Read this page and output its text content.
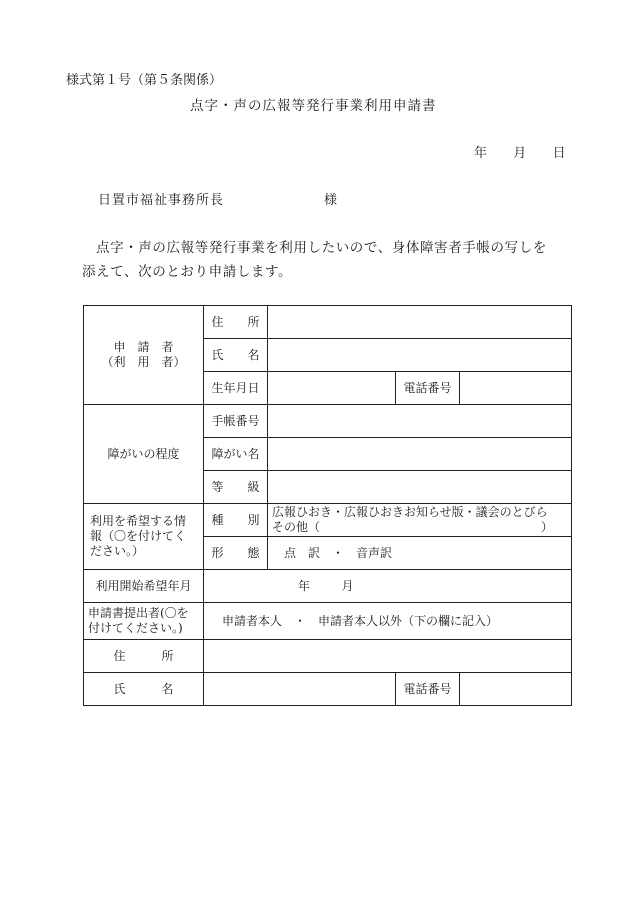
様式第１号（第５条関係）
点字・声の広報等発行事業利用申請書
年 月 日
日置市福祉事務所長	様
点字・声の広報等発行事業を利用したいので、身体障害者手帳の写しを添えて、次のとおり申請します。
申　請　者
（利　用　者）	住　　所			
	氏　　名			
	生年月日		電話番号	
障がいの程度	手帳番号			
	障がい名			
	等　　級			
利用を希望する情報（〇を付けてください。）	種　　別	広報ひおき・広報ひおきお知らせ版・議会のとびら
その他（ ）		

	形　　態	点　訳　・　音声訳		
利用開始希望年月	年 月			
申請書提出者(〇を付けてください。)	申請者本人　・　申請者本人以外（下の欄に記入）			
住　　　所				
氏　　　名			電話番号	
